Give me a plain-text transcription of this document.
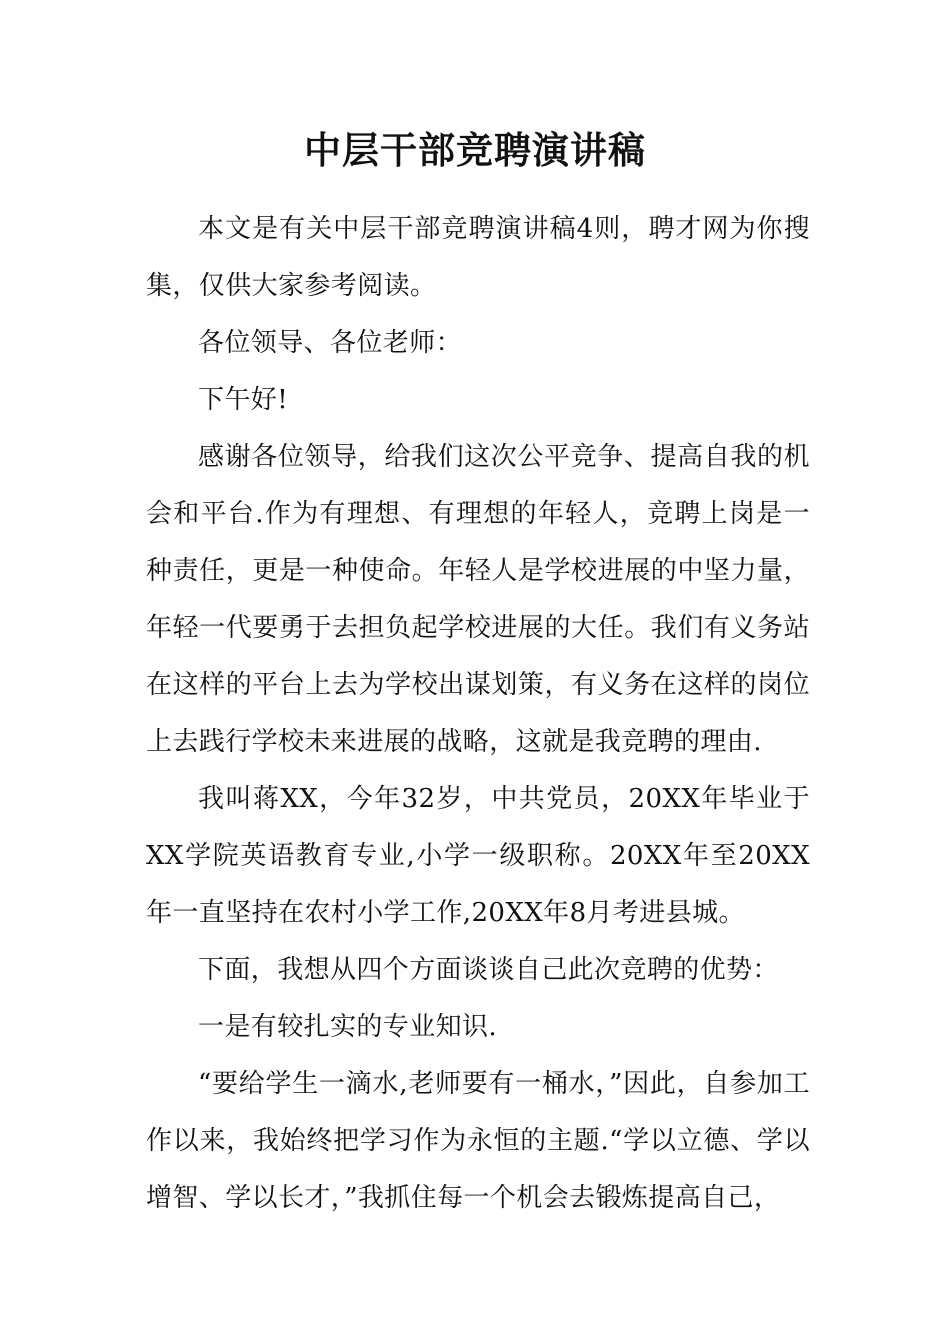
中层干部竞聘演讲稿

本文是有关中层干部竞聘演讲稿4则，聘才网为你搜集，仅供大家参考阅读。

各位领导、各位老师：

下午好!

感谢各位领导，给我们这次公平竞争、提高自我的机会和平台.作为有理想、有理想的年轻人，竞聘上岗是一种责任，更是一种使命。年轻人是学校进展的中坚力量，年轻一代要勇于去担负起学校进展的大任。我们有义务站在这样的平台上去为学校出谋划策，有义务在这样的岗位上去践行学校未来进展的战略，这就是我竞聘的理由.

我叫蒋XX，今年32岁，中共党员，20XX年毕业于XX学院英语教育专业,小学一级职称。20XX年至20XX年一直坚持在农村小学工作,20XX年8月考进县城。

下面，我想从四个方面谈谈自己此次竞聘的优势：

一是有较扎实的专业知识.

“要给学生一滴水,老师要有一桶水，”因此，自参加工作以来，我始终把学习作为永恒的主题.“学以立德、学以增智、学以长才，”我抓住每一个机会去锻炼提高自己，
